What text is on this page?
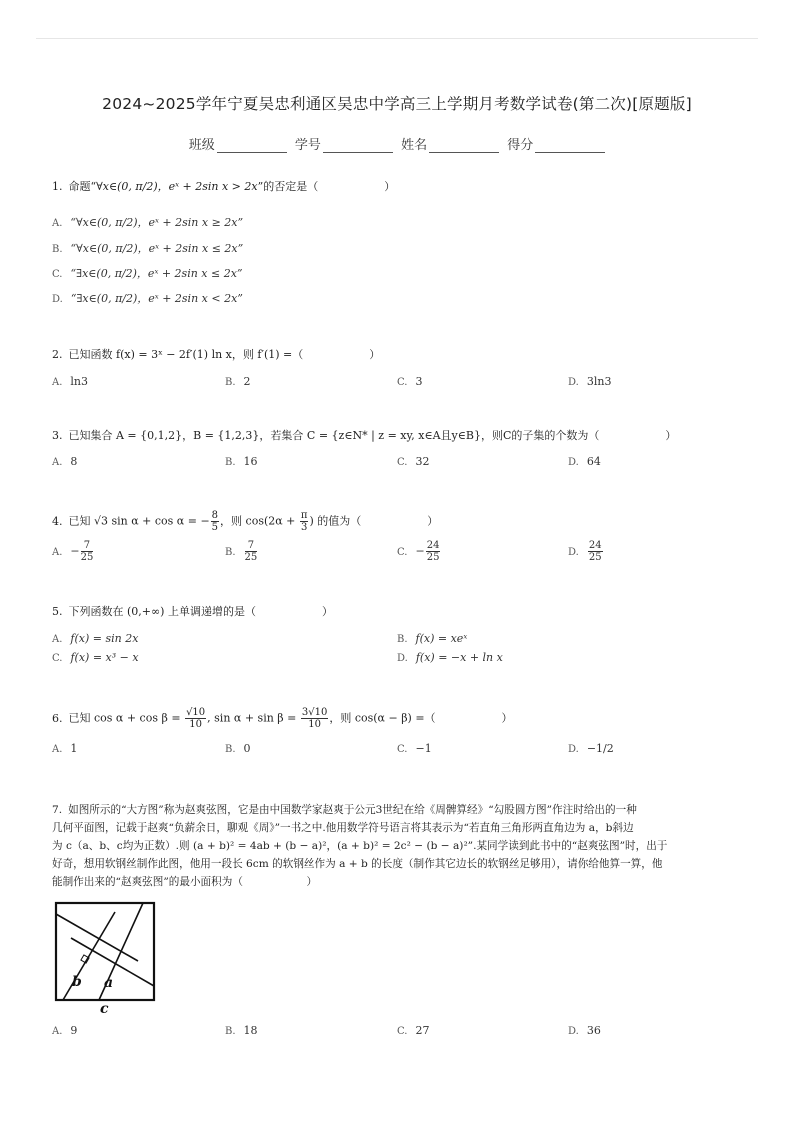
2024~2025学年宁夏吴忠利通区吴忠中学高三上学期月考数学试卷(第二次)[原题版]
班级	学号	姓名	得分
1. 命题“∀x∈(0, π/2)，eˣ + 2sin x > 2x”的否定是（　　　　　　）
A. “∀x∈(0, π/2)，eˣ + 2sin x ≥ 2x”
B. “∀x∈(0, π/2)，eˣ + 2sin x ≤ 2x”
C. “∃x∈(0, π/2)，eˣ + 2sin x ≤ 2x”
D. “∃x∈(0, π/2)，eˣ + 2sin x < 2x”
2. 已知函数 f(x) = 3ˣ − 2f′(1) ln x，则 f′(1) =（　　　　　　）
A. ln3	B. 2	C. 3	D. 3ln3
3. 已知集合 A = {0,1,2}，B = {1,2,3}，若集合 C = {z∈N* | z = xy, x∈A且y∈B}，则C的子集的个数为（　　　　　　）
A. 8	B. 16	C. 32	D. 64
4. 已知 √3 sin α + cos α = − $\frac{8}{5}$ ，则 $\cos(2\alpha + \frac{\pi}{3}$ ) 的值为（　　　　　　）
A. − $\frac{7}{25}$	B. $\frac{7}{25}$	C. − $\frac{24}{25}$	D. $\frac{24}{25}$
5. 下列函数在 (0,+∞) 上单调递增的是（　　　　　　）
A. f(x) = sin 2x	B. f(x) = xeˣ
C. f(x) = x³ − x	D. f(x) = −x + ln x
6. 已知 $\cos \alpha + \cos \beta = \frac{√10}{10}$ , $\sin \alpha + \sin \beta = \frac{3√10}{10}$ ，则 cos(α − β) =（　　　　　　）
A. 1	B. 0	C. −1	D. −1/2
7. 如图所示的“大方图”称为赵爽弦图，它是由中国数学家赵爽于公元3世纪在给《周髀算经》“勾股圆方图”作注时给出的一种
几何平面图，记载于赵爽“负薪余日，聊观《周》”一书之中.他用数学符号语言将其表示为“若直角三角形两直角边为 a，b斜边
为 c（a、b、c均为正数）.则 (a + b)² = 4ab + (b − a)²，(a + b)² = 2c² − (b − a)²”.某同学读到此书中的“赵爽弦图”时，出于
好奇，想用软钢丝制作此图，他用一段长 6cm 的软钢丝作为 a + b 的长度（制作其它边长的软钢丝足够用），请你给他算一算，他
能制作出来的“赵爽弦图”的最小面积为（　　　　　　）
b a
c
A. 9	B. 18	C. 27	D. 36
